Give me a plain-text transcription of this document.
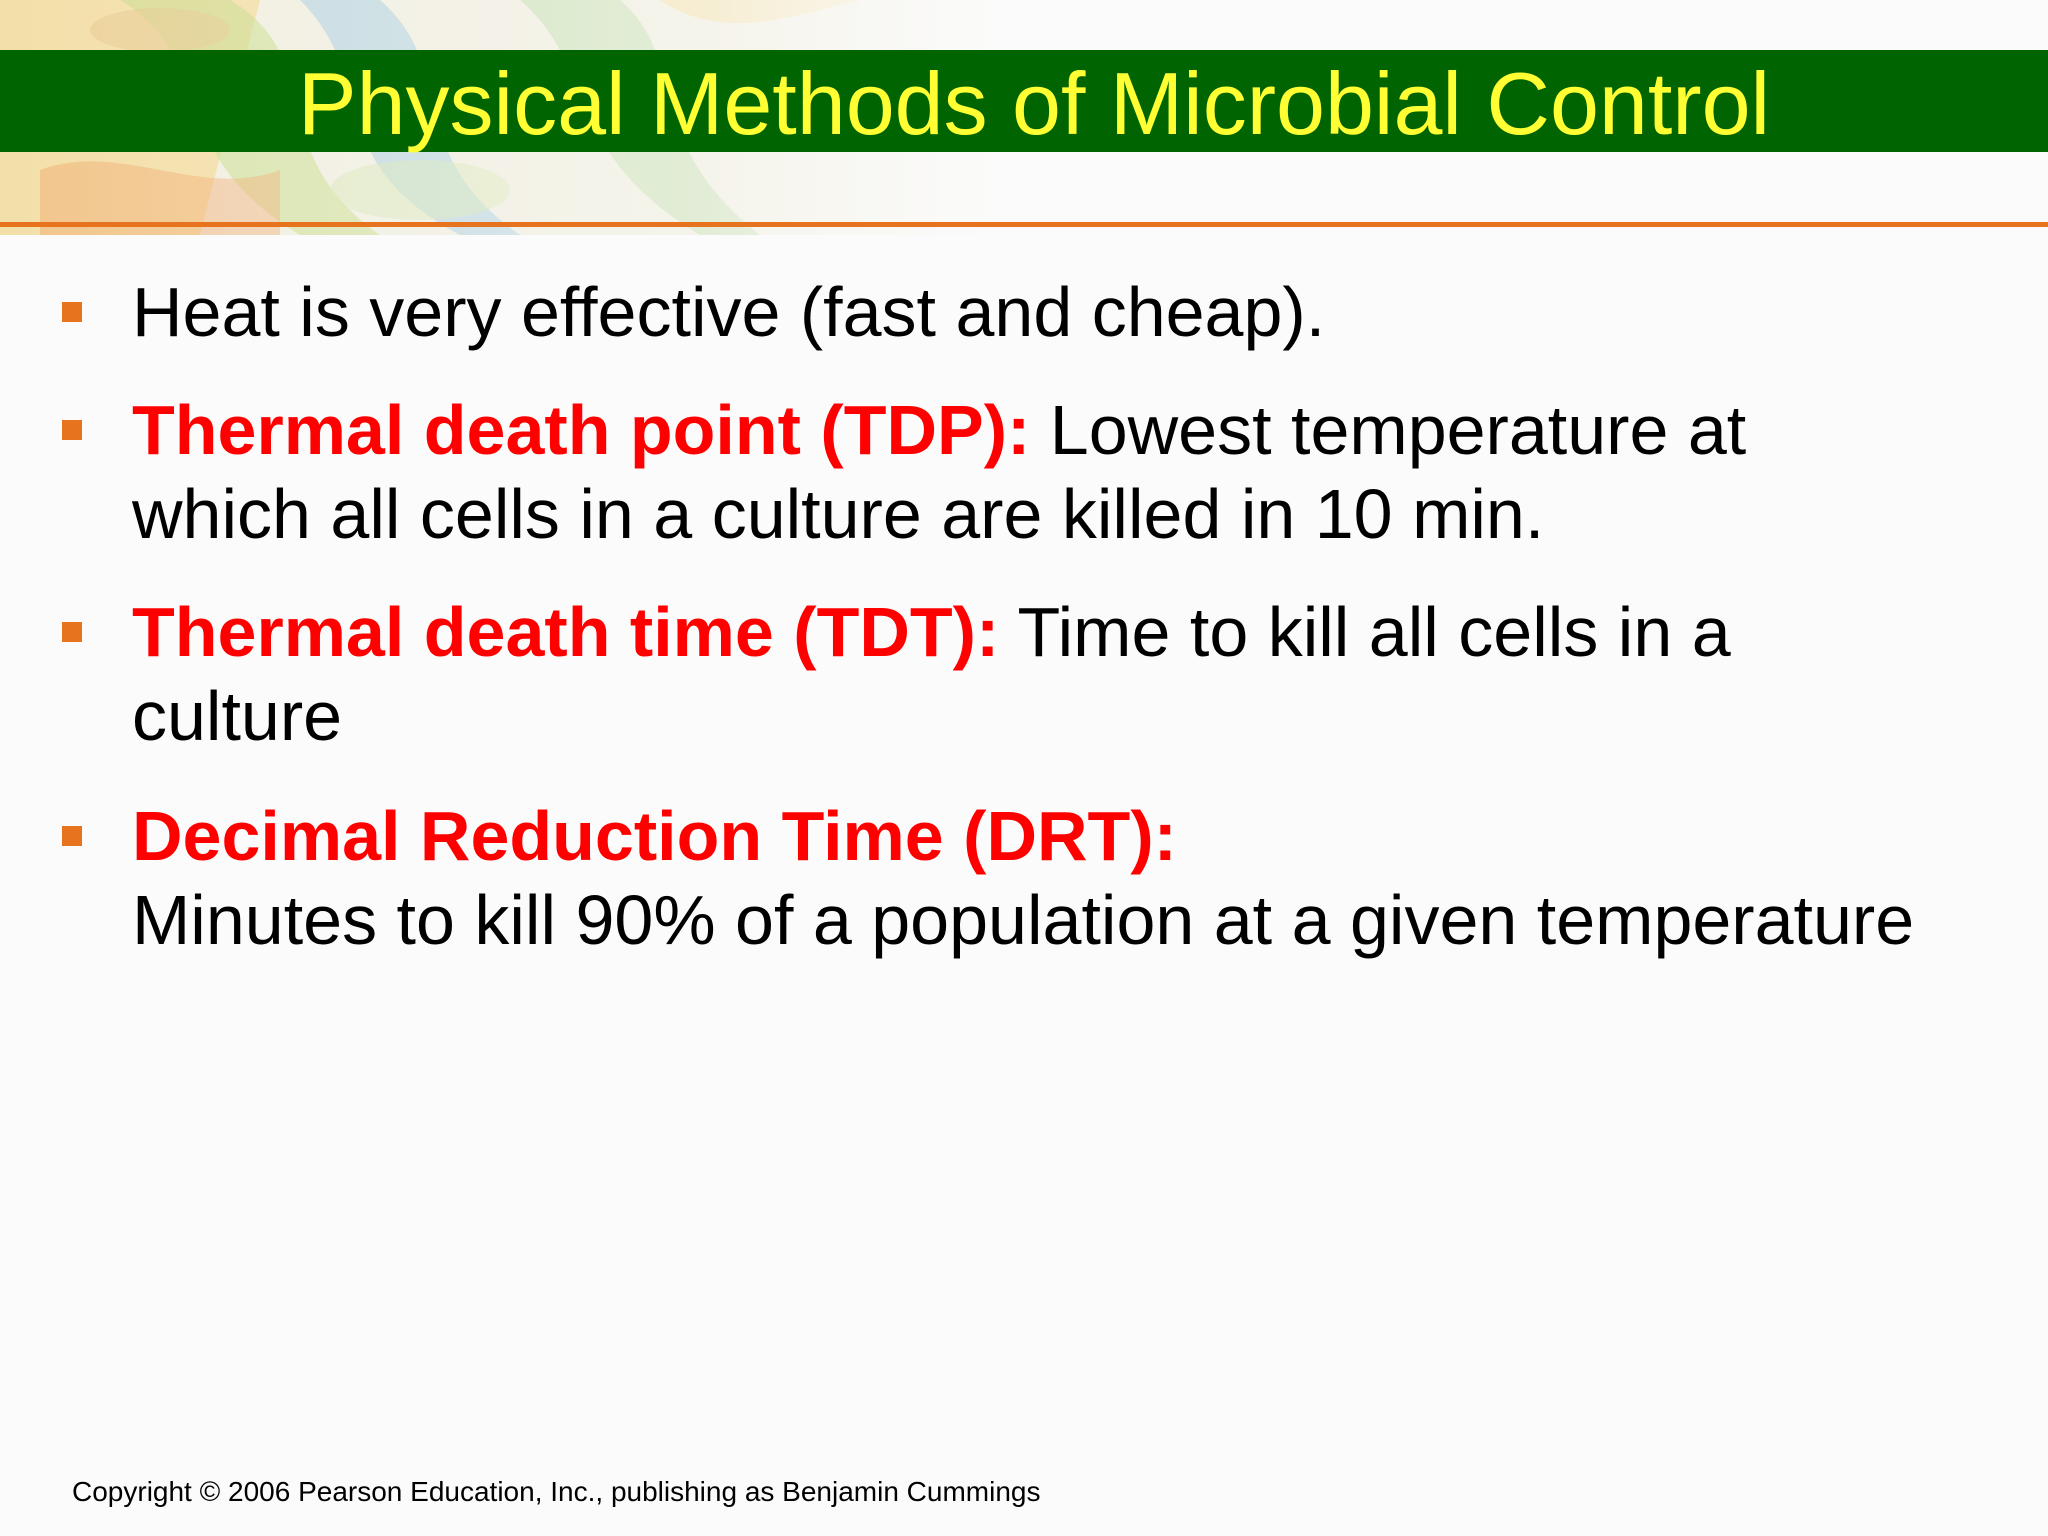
Physical Methods of Microbial Control
Heat is very effective (fast and cheap).
Thermal death point (TDP): Lowest temperature at which all cells in a culture are killed in 10 min.
Thermal death time (TDT): Time to kill all cells in a culture
Decimal Reduction Time (DRT):
Minutes to kill 90% of a population at a given temperature
Copyright © 2006 Pearson Education, Inc., publishing as Benjamin Cummings
